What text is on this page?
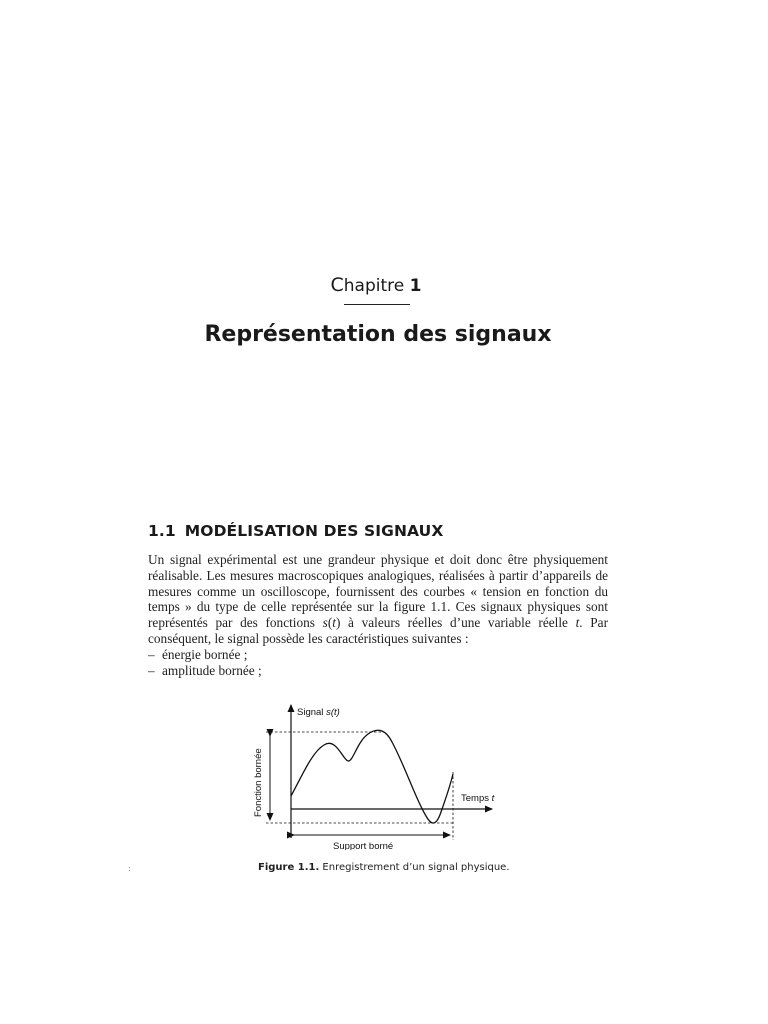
Chapitre 1
Représentation des signaux
1.1 MODÉLISATION DES SIGNAUX

Un signal expérimental est une grandeur physique et doit donc être physiquement réalisable. Les mesures macroscopiques analogiques, réalisées à partir d’appareils de mesures comme un oscilloscope, fournissent des courbes « tension en fonction du temps » du type de celle représentée sur la figure 1.1. Ces signaux physiques sont représentés par des fonctions s(t) à valeurs réelles d’une variable réelle t. Par conséquent, le signal possède les caractéristiques suivantes :

– énergie bornée ;
– amplitude bornée ;
Signal s(t)
Temps t
Fonction bornée
Support borné
Figure 1.1. Enregistrement d’un signal physique.
:
